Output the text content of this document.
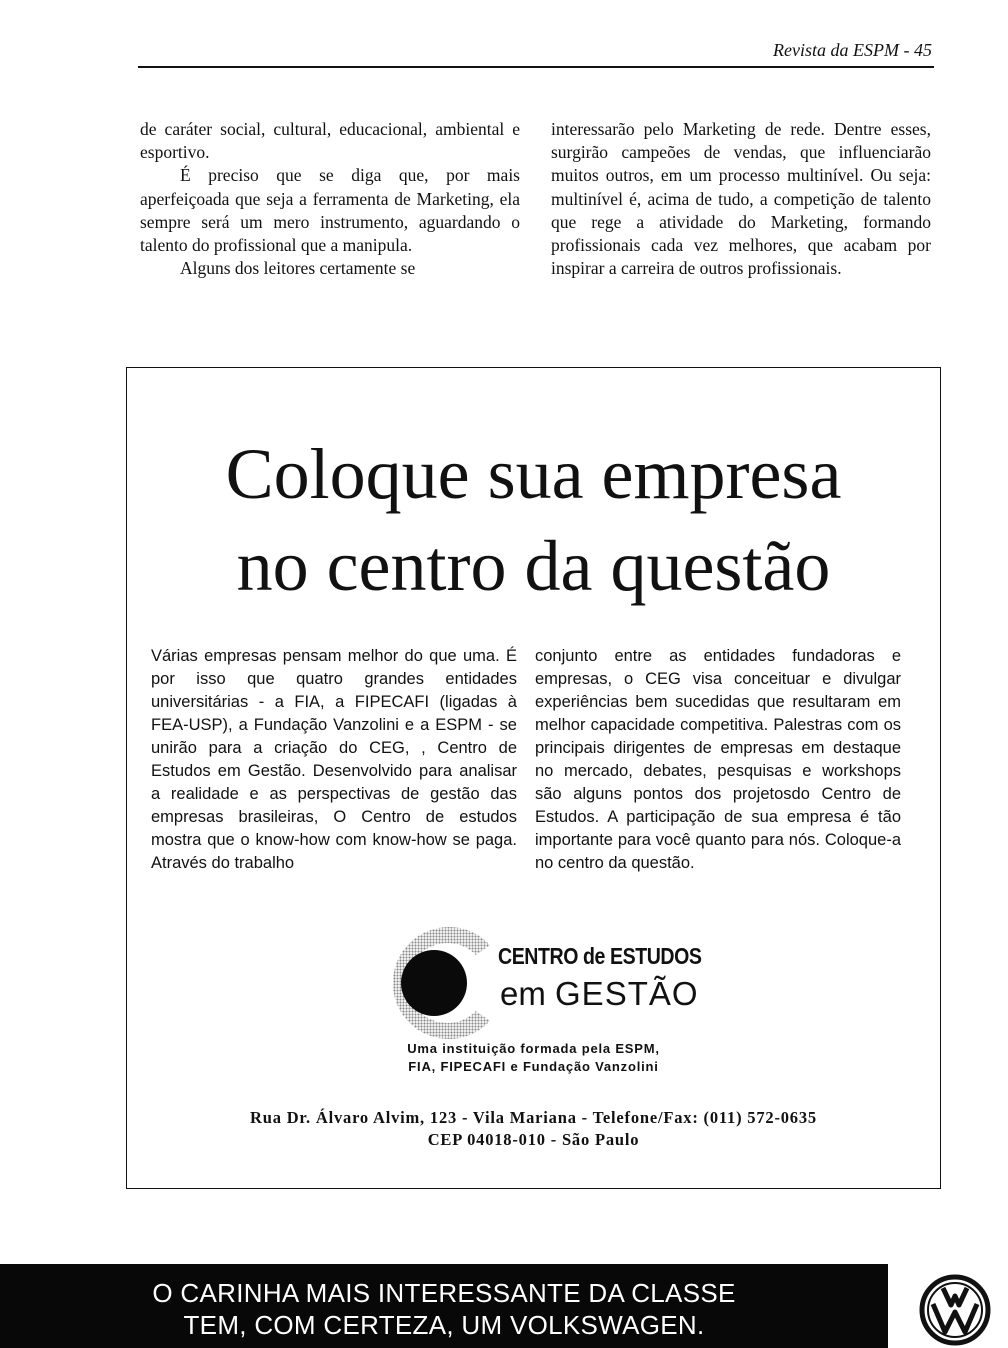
Revista da ESPM - 45

de caráter social, cultural, educacional, ambiental e esportivo.

É preciso que se diga que, por mais aperfeiçoada que seja a ferramenta de Marketing, ela sempre será um mero instrumento, aguardando o talento do profissional que a manipula.

Alguns dos leitores certamente se

interessarão pelo Marketing de rede. Dentre esses, surgirão campeões de vendas, que influenciarão muitos outros, em um processo multinível. Ou seja: multinível é, acima de tudo, a competição de talento que rege a atividade do Marketing, formando profissionais cada vez melhores, que acabam por inspirar a carreira de outros profissionais.

Coloque sua empresa
no centro da questão

Várias empresas pensam melhor do que uma. É por isso que quatro grandes entidades universitárias - a FIA, a FIPECAFI (ligadas à FEA-USP), a Fundação Vanzolini e a ESPM - se unirão para a criação do CEG, , Centro de Estudos em Gestão. Desenvolvido para analisar a realidade e as perspectivas de gestão das empresas brasileiras, O Centro de estudos mostra que o know-how com know-how se paga. Através do trabalho

conjunto entre as entidades fundadoras e empresas, o CEG visa conceituar e divulgar experiências bem sucedidas que resultaram em melhor capacidade competitiva. Palestras com os principais dirigentes de empresas em destaque no mercado, debates, pesquisas e workshops são alguns pontos dos projetosdo Centro de Estudos. A participação de sua empresa é tão importante para você quanto para nós. Coloque-a no centro da questão.

CENTRO de ESTUDOS
em GESTÃO
Uma instituição formada pela ESPM,
FIA, FIPECAFI e Fundação Vanzolini
Rua Dr. Álvaro Alvim, 123 - Vila Mariana - Telefone/Fax: (011) 572-0635
CEP 04018-010 - São Paulo
O CARINHA MAIS INTERESSANTE DA CLASSE
TEM, COM CERTEZA, UM VOLKSWAGEN.
